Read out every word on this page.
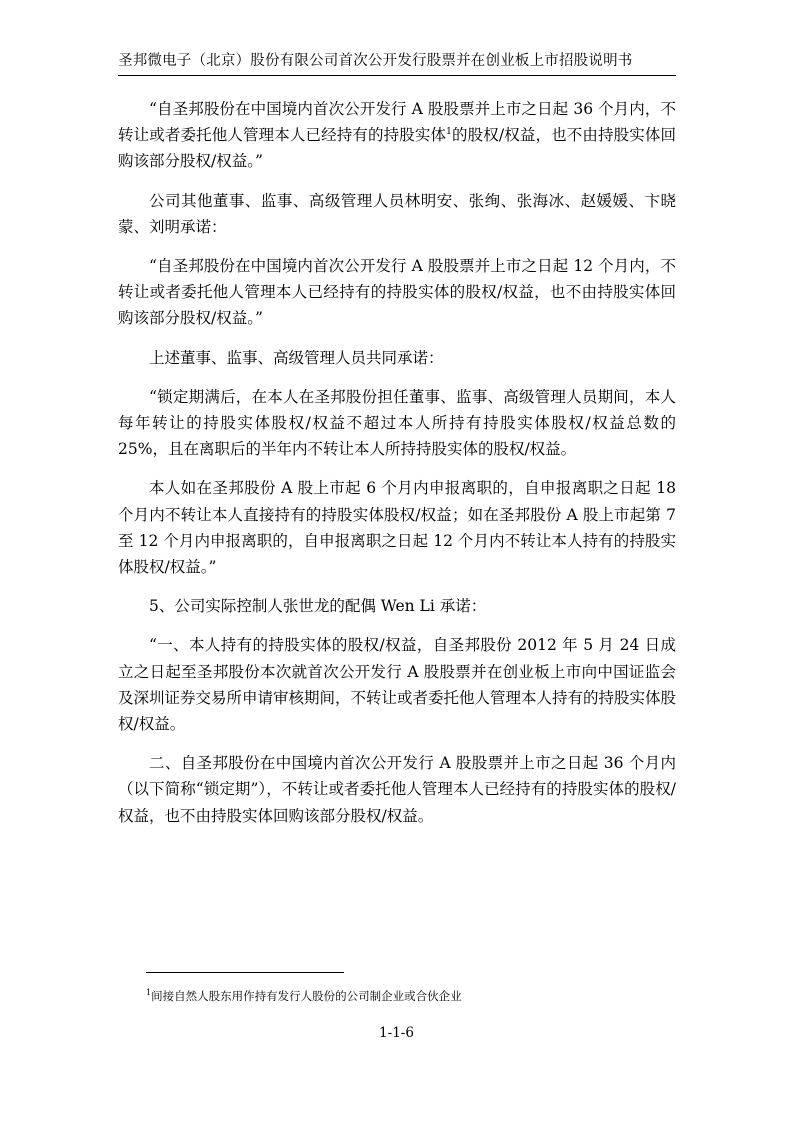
圣邦微电子（北京）股份有限公司首次公开发行股票并在创业板上市招股说明书

“自圣邦股份在中国境内首次公开发行 A 股股票并上市之日起 36 个月内，不转让或者委托他人管理本人已经持有的持股实体$^1$的股权/权益，也不由持股实体回购该部分股权/权益。”

公司其他董事、监事、高级管理人员林明安、张绚、张海冰、赵媛媛、卞晓蒙、刘明承诺：

“自圣邦股份在中国境内首次公开发行 A 股股票并上市之日起 12 个月内，不转让或者委托他人管理本人已经持有的持股实体的股权/权益，也不由持股实体回购该部分股权/权益。”

上述董事、监事、高级管理人员共同承诺：

“锁定期满后，在本人在圣邦股份担任董事、监事、高级管理人员期间，本人每年转让的持股实体股权/权益不超过本人所持有持股实体股权/权益总数的 25%，且在离职后的半年内不转让本人所持持股实体的股权/权益。

本人如在圣邦股份 A 股上市起 6 个月内申报离职的，自申报离职之日起 18 个月内不转让本人直接持有的持股实体股权/权益；如在圣邦股份 A 股上市起第 7 至 12 个月内申报离职的，自申报离职之日起 12 个月内不转让本人持有的持股实体股权/权益。”

5、公司实际控制人张世龙的配偶 Wen Li 承诺：

“一、本人持有的持股实体的股权/权益，自圣邦股份 2012 年 5 月 24 日成立之日起至圣邦股份本次就首次公开发行 A 股股票并在创业板上市向中国证监会及深圳证券交易所申请审核期间，不转让或者委托他人管理本人持有的持股实体股权/权益。

二、自圣邦股份在中国境内首次公开发行 A 股股票并上市之日起 36 个月内（以下简称“锁定期”），不转让或者委托他人管理本人已经持有的持股实体的股权/权益，也不由持股实体回购该部分股权/权益。

$^1$间接自然人股东用作持有发行人股份的公司制企业或合伙企业
1-1-6
